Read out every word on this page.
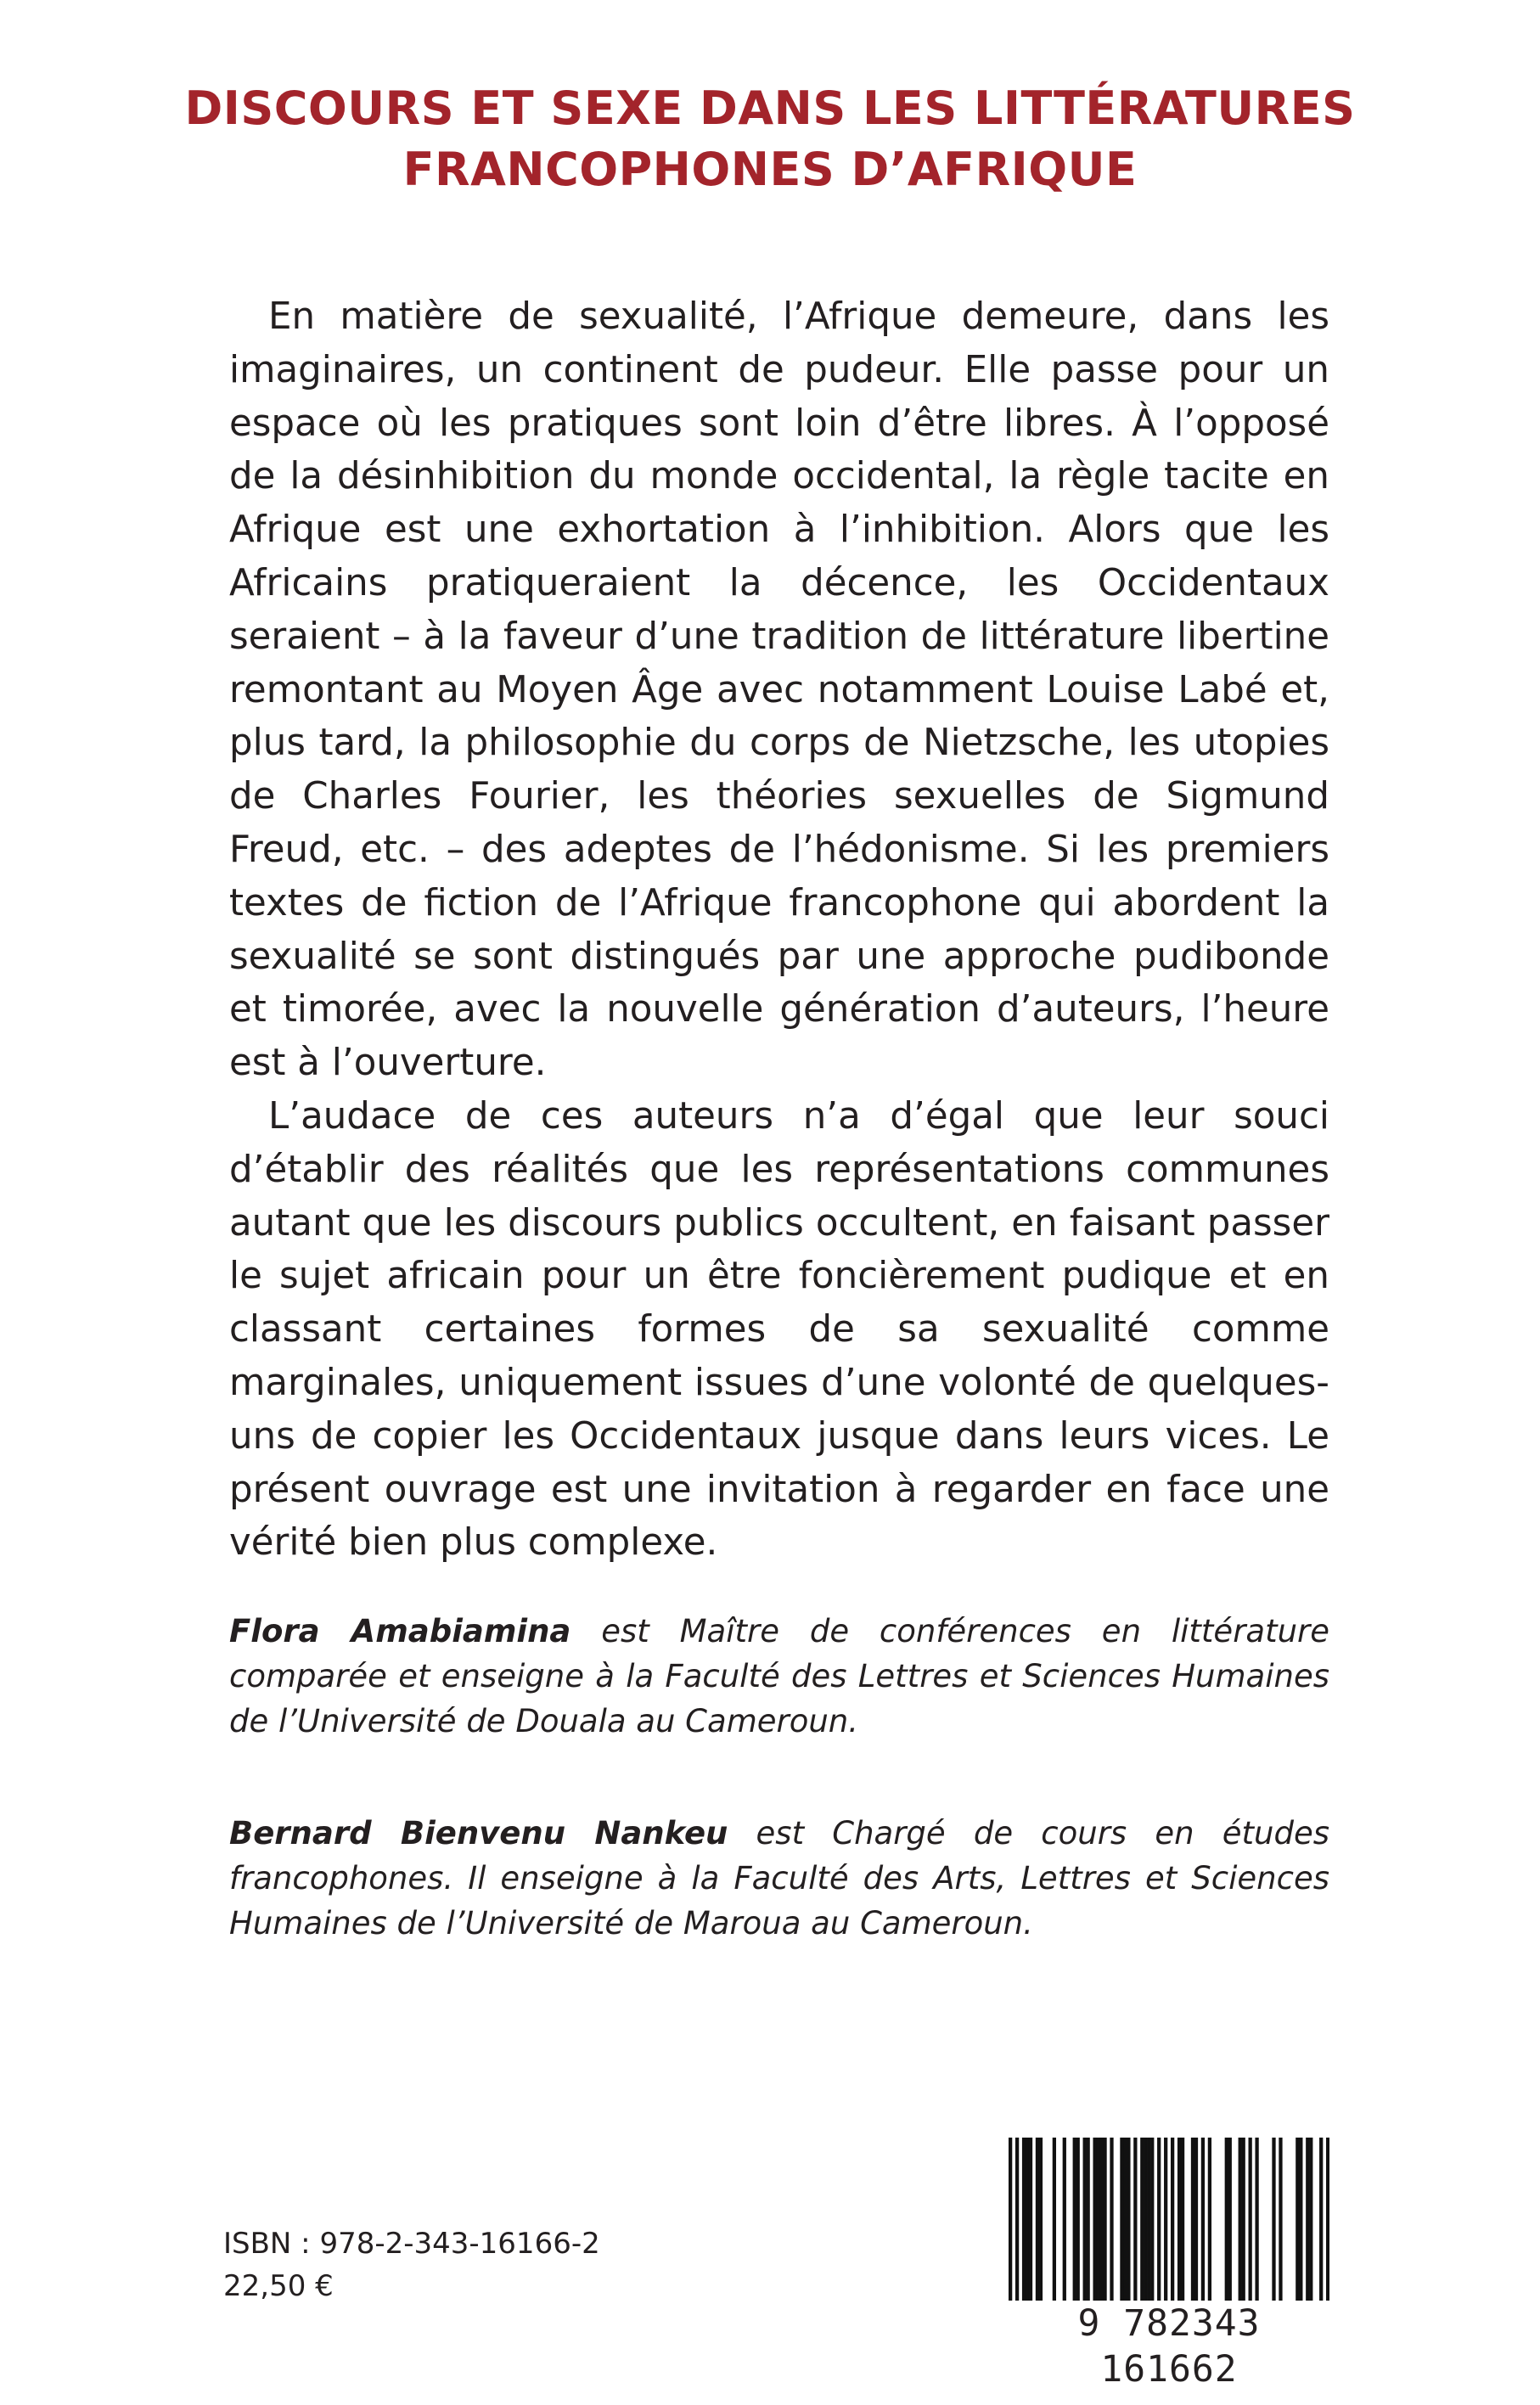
DISCOURS ET SEXE DANS LES LITTÉRATURES
FRANCOPHONES D’AFRIQUE

En matière de sexualité, l’Afrique demeure, dans les imaginaires, un continent de pudeur. Elle passe pour un espace où les pratiques sont loin d’être libres. À l’opposé de la désinhibition du monde occidental, la règle tacite en Afrique est une exhortation à l’inhibition. Alors que les Africains pratiqueraient la décence, les Occidentaux seraient – à la faveur d’une tradition de littérature libertine remontant au Moyen Âge avec notamment Louise Labé et, plus tard, la philosophie du corps de Nietzsche, les utopies de Charles Fourier, les théories sexuelles de Sigmund Freud, etc. – des adeptes de l’hédonisme. Si les premiers textes de fiction de l’Afrique francophone qui abordent la sexualité se sont distingués par une approche pudibonde et timorée, avec la nouvelle génération d’auteurs, l’heure est à l’ouverture.

L’audace de ces auteurs n’a d’égal que leur souci d’établir des réalités que les représentations communes autant que les discours publics occultent, en faisant passer le sujet africain pour un être foncièrement pudique et en classant certaines formes de sa sexualité comme marginales, uniquement issues d’une volonté de quelques-uns de copier les Occidentaux jusque dans leurs vices. Le présent ouvrage est une invitation à regarder en face une vérité bien plus complexe.

Flora Amabiamina est Maître de conférences en littérature comparée et enseigne à la Faculté des Lettres et Sciences Humaines de l’Université de Douala au Cameroun.

Bernard Bienvenu Nankeu est Chargé de cours en études francophones. Il enseigne à la Faculté des Arts, Lettres et Sciences Humaines de l’Université de Maroua au Cameroun.

ISBN : 978-2-343-16166-2
22,50 €
9 782343 161662
